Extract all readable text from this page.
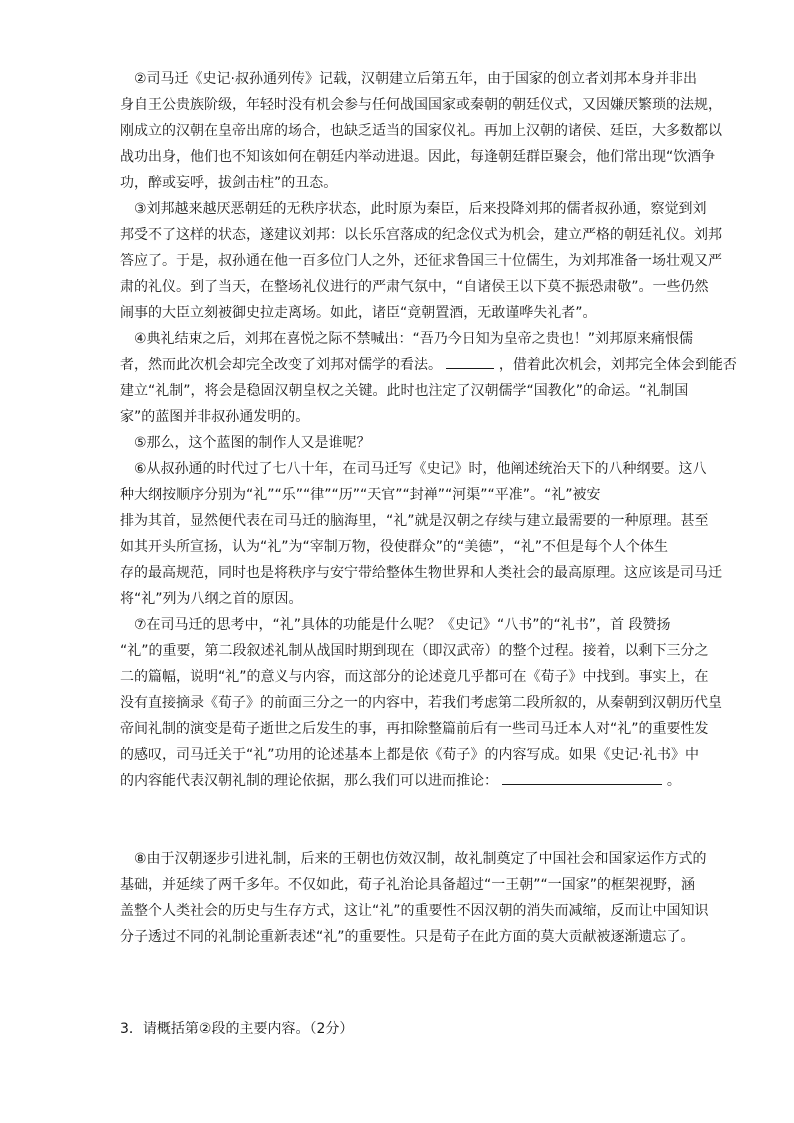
　②司马迁《史记·叔孙通列传》记载，汉朝建立后第五年，由于国家的创立者刘邦本身并非出
身自王公贵族阶级，年轻时没有机会参与任何战国国家或秦朝的朝廷仪式，又因嫌厌繁琐的法规，
刚成立的汉朝在皇帝出席的场合，也缺乏适当的国家仪礼。再加上汉朝的诸侯、廷臣，大多数都以
战功出身，他们也不知该如何在朝廷内举动进退。因此，每逢朝廷群臣聚会，他们常出现“饮酒争
功，醉或妄呼，拔剑击柱”的丑态。
　③刘邦越来越厌恶朝廷的无秩序状态，此时原为秦臣，后来投降刘邦的儒者叔孙通，察觉到刘
邦受不了这样的状态，遂建议刘邦：以长乐宫落成的纪念仪式为机会，建立严格的朝廷礼仪。刘邦
答应了。于是，叔孙通在他一百多位门人之外，还征求鲁国三十位儒生，为刘邦准备一场壮观又严
肃的礼仪。到了当天，在整场礼仪进行的严肃气氛中，“自诸侯王以下莫不振恐肃敬”。一些仍然
闹事的大臣立刻被御史拉走离场。如此，诸臣“竟朝置酒，无敢谨哗失礼者”。
　④典礼结束之后，刘邦在喜悦之际不禁喊出：“吾乃今日知为皇帝之贵也！”刘邦原来痛恨儒
者，然而此次机会却完全改变了刘邦对儒学的看法。	，借着此次机会，刘邦完全体会到能否
建立“礼制”，将会是稳固汉朝皇权之关键。此时也注定了汉朝儒学“国教化”的命运。“礼制国
家”的蓝图并非叔孙通发明的。
　⑤那么，这个蓝图的制作人又是谁呢？
　⑥从叔孙通的时代过了七八十年，在司马迁写《史记》时，他阐述统治天下的八种纲要。这八
种大纲按顺序分别为“礼”“乐”“律”“历”“天官”“封禅”“河渠”“平准”。“礼”被安
排为其首，显然便代表在司马迁的脑海里，“礼”就是汉朝之存续与建立最需要的一种原理。甚至
如其开头所宣扬，认为“礼”为“宰制万物，役使群众”的“美德”，“礼”不但是每个人个体生
存的最高规范，同时也是将秩序与安宁带给整体生物世界和人类社会的最高原理。这应该是司马迁
将“礼”列为八纲之首的原因。
　⑦在司马迁的思考中，“礼”具体的功能是什么呢？《史记》“八书”的“礼书”，首 段赞扬
“礼”的重要，第二段叙述礼制从战国时期到现在（即汉武帝）的整个过程。接着，以剩下三分之
二的篇幅，说明“礼”的意义与内容，而这部分的论述竟几乎都可在《荀子》中找到。事实上，在
没有直接摘录《荀子》的前面三分之一的内容中，若我们考虑第二段所叙的，从秦朝到汉朝历代皇
帝间礼制的演变是荀子逝世之后发生的事，再扣除整篇前后有一些司马迁本人对“礼”的重要性发
的感叹，司马迁关于“礼”功用的论述基本上都是依《荀子》的内容写成。如果《史记·礼书》中
的内容能代表汉朝礼制的理论依据，那么我们可以进而推论：	。
　⑧由于汉朝逐步引进礼制，后来的王朝也仿效汉制，故礼制奠定了中国社会和国家运作方式的
基础，并延续了两千多年。不仅如此，荀子礼治论具备超过“一王朝”“一国家”的框架视野，涵
盖整个人类社会的历史与生存方式，这让“礼”的重要性不因汉朝的消失而减缩，反而让中国知识
分子透过不同的礼制论重新表述“礼”的重要性。只是荀子在此方面的莫大贡献被逐渐遗忘了。
3．请概括第②段的主要内容。（2分）
